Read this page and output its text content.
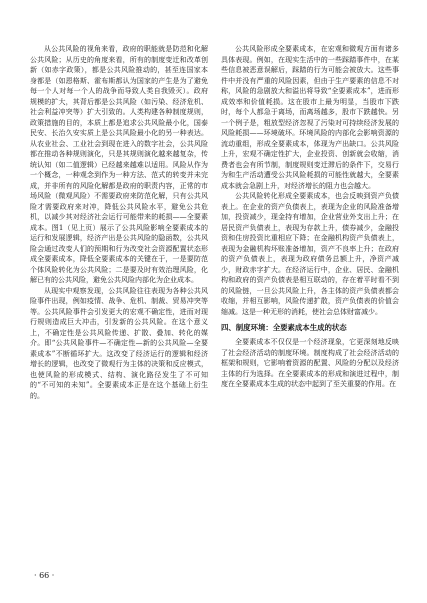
从公共风险的视角来看，政府的职能就是防范和化解公共风险；从历史的角度来看，所有的制度变迁和改革创新（如赤字政策），都是公共风险推动的，甚至连国家本身都是（如恩格斯、霍布斯都认为国家的产生是为了避免每一个人对每一个人的战争而导致人类自我毁灭）。政府规模的扩大，其背后都是公共风险（如污染、经济危机、社会利益冲突等）扩大引致的。人类构建各种制度规则，政策措施的目的，本质上都是追求公共风险最小化，国泰民安、长治久安实质上是公共风险最小化的另一种表达。从农业社会、工业社会到现在进入的数字社会，公共风险都在推动各种规则演化，只是其规则演化越来越复杂，传统认知（如二值逻辑）已经越来越难以适用。风险从作为一个概念，一种观念到作为一种方法、范式的转变并未完成，并非所有的风险化解都是政府的职责内容，正常的市场风险（微观风险）不需要政府来防范化解，只有公共风险才需要政府来对冲，降低公共风险水平，避免公共危机，以减少其对经济社会运行可能带来的耗损——全要素成本。图1（见上页）展示了公共风险影响全要素成本的运行和发展逻辑，经济产出是公共风险的隐函数，公共风险会通过改变人们的预期和行为改变社会资源配置状态形成全要素成本，降低全要素成本的关键在于，一是要防范个体风险转化为公共风险；二是要及时有效治理风险，化解已有的公共风险，避免公共风险内部化为企业成本。

从现实中观察发现，公共风险往往表现为各种公共风险事件出现，例如疫情、战争、危机、制裁、贸易冲突等等。公共风险事件会引发更大的宏观不确定性，进而对现行规则造成巨大冲击，引发新的公共风险。在这个意义上，不确定性是公共风险传递、扩散、叠加、转化的媒介。即“公共风险事件—不确定性—新的公共风险—全要素成本”不断循环扩大。这改变了经济运行的逻辑和经济增长的逻辑，也改变了微观行为主体的决策和反应模式，也使风险的形成模式、结构、演化路径发生了不可知的“不可知的未知”。全要素成本正是在这个基础上衍生的。

公共风险形成全要素成本，在宏观和微观方面有诸多具体表现。例如，在现实生活中的一些踩踏事件中，在某些信息被恶意误解后，踩踏的行为可能会被放大。这些事件中并没有严重的风险因素，但由于生产要素的信息不对称，风险的急剧放大和溢出将导致“全要素成本”，进而形成效率和价值耗损。这在股市上最为明显，当股市下跌时，每个人都急于离场，而离场越多，股市下跌越快。另一个例子是，粗放型经济忽视了污染对可持续经济发展的风险耗损——环境破坏。环境风险的内部化会影响资源的流动重组，形成全要素成本，体现为产出缺口。公共风险上升，宏观不确定性扩大，企业投资、创新就会收缩，消费者也会有所节制，制度规则变迁滞后的条件下，交易行为和生产活动遭受公共风险耗损的可能性就越大，全要素成本就会急剧上升，对经济增长的阻力也会越大。

公共风险转化形成全要素成本，也会反映到资产负债表上。在企业的资产负债表上，表现为企业的风险准备增加，投资减少，现金持有增加，企业营业外支出上升；在居民资产负债表上，表现为存款上升，债券减少，金融投资和住房投资比重相应下降；在金融机构资产负债表上，表现为金融机构坏账准备增加，资产不良率上升；在政府的资产负债表上，表现为政府债务总额上升，净资产减少，财政赤字扩大。在经济运行中，企业、居民、金融机构和政府的资产负债表是相互联动的，存在着平时看不到的风险链，一旦公共风险上升，各主体的资产负债表都会收缩，并相互影响，风险传递扩散，资产负债表的价值会缩减。这是一种无形的消耗，使社会总体财富减少。

四、制度环境：全要素成本生成的状态

全要素成本不仅仅是一个经济现象，它更深刻地反映了社会经济活动的制度环境。制度构成了社会经济活动的框架和规则，它影响着资源的配置、风险的分配以及经济主体的行为选择。在全要素成本的形成和演进过程中，制度在全要素成本生成的状态中起到了至关重要的作用。在

· 66 ·
